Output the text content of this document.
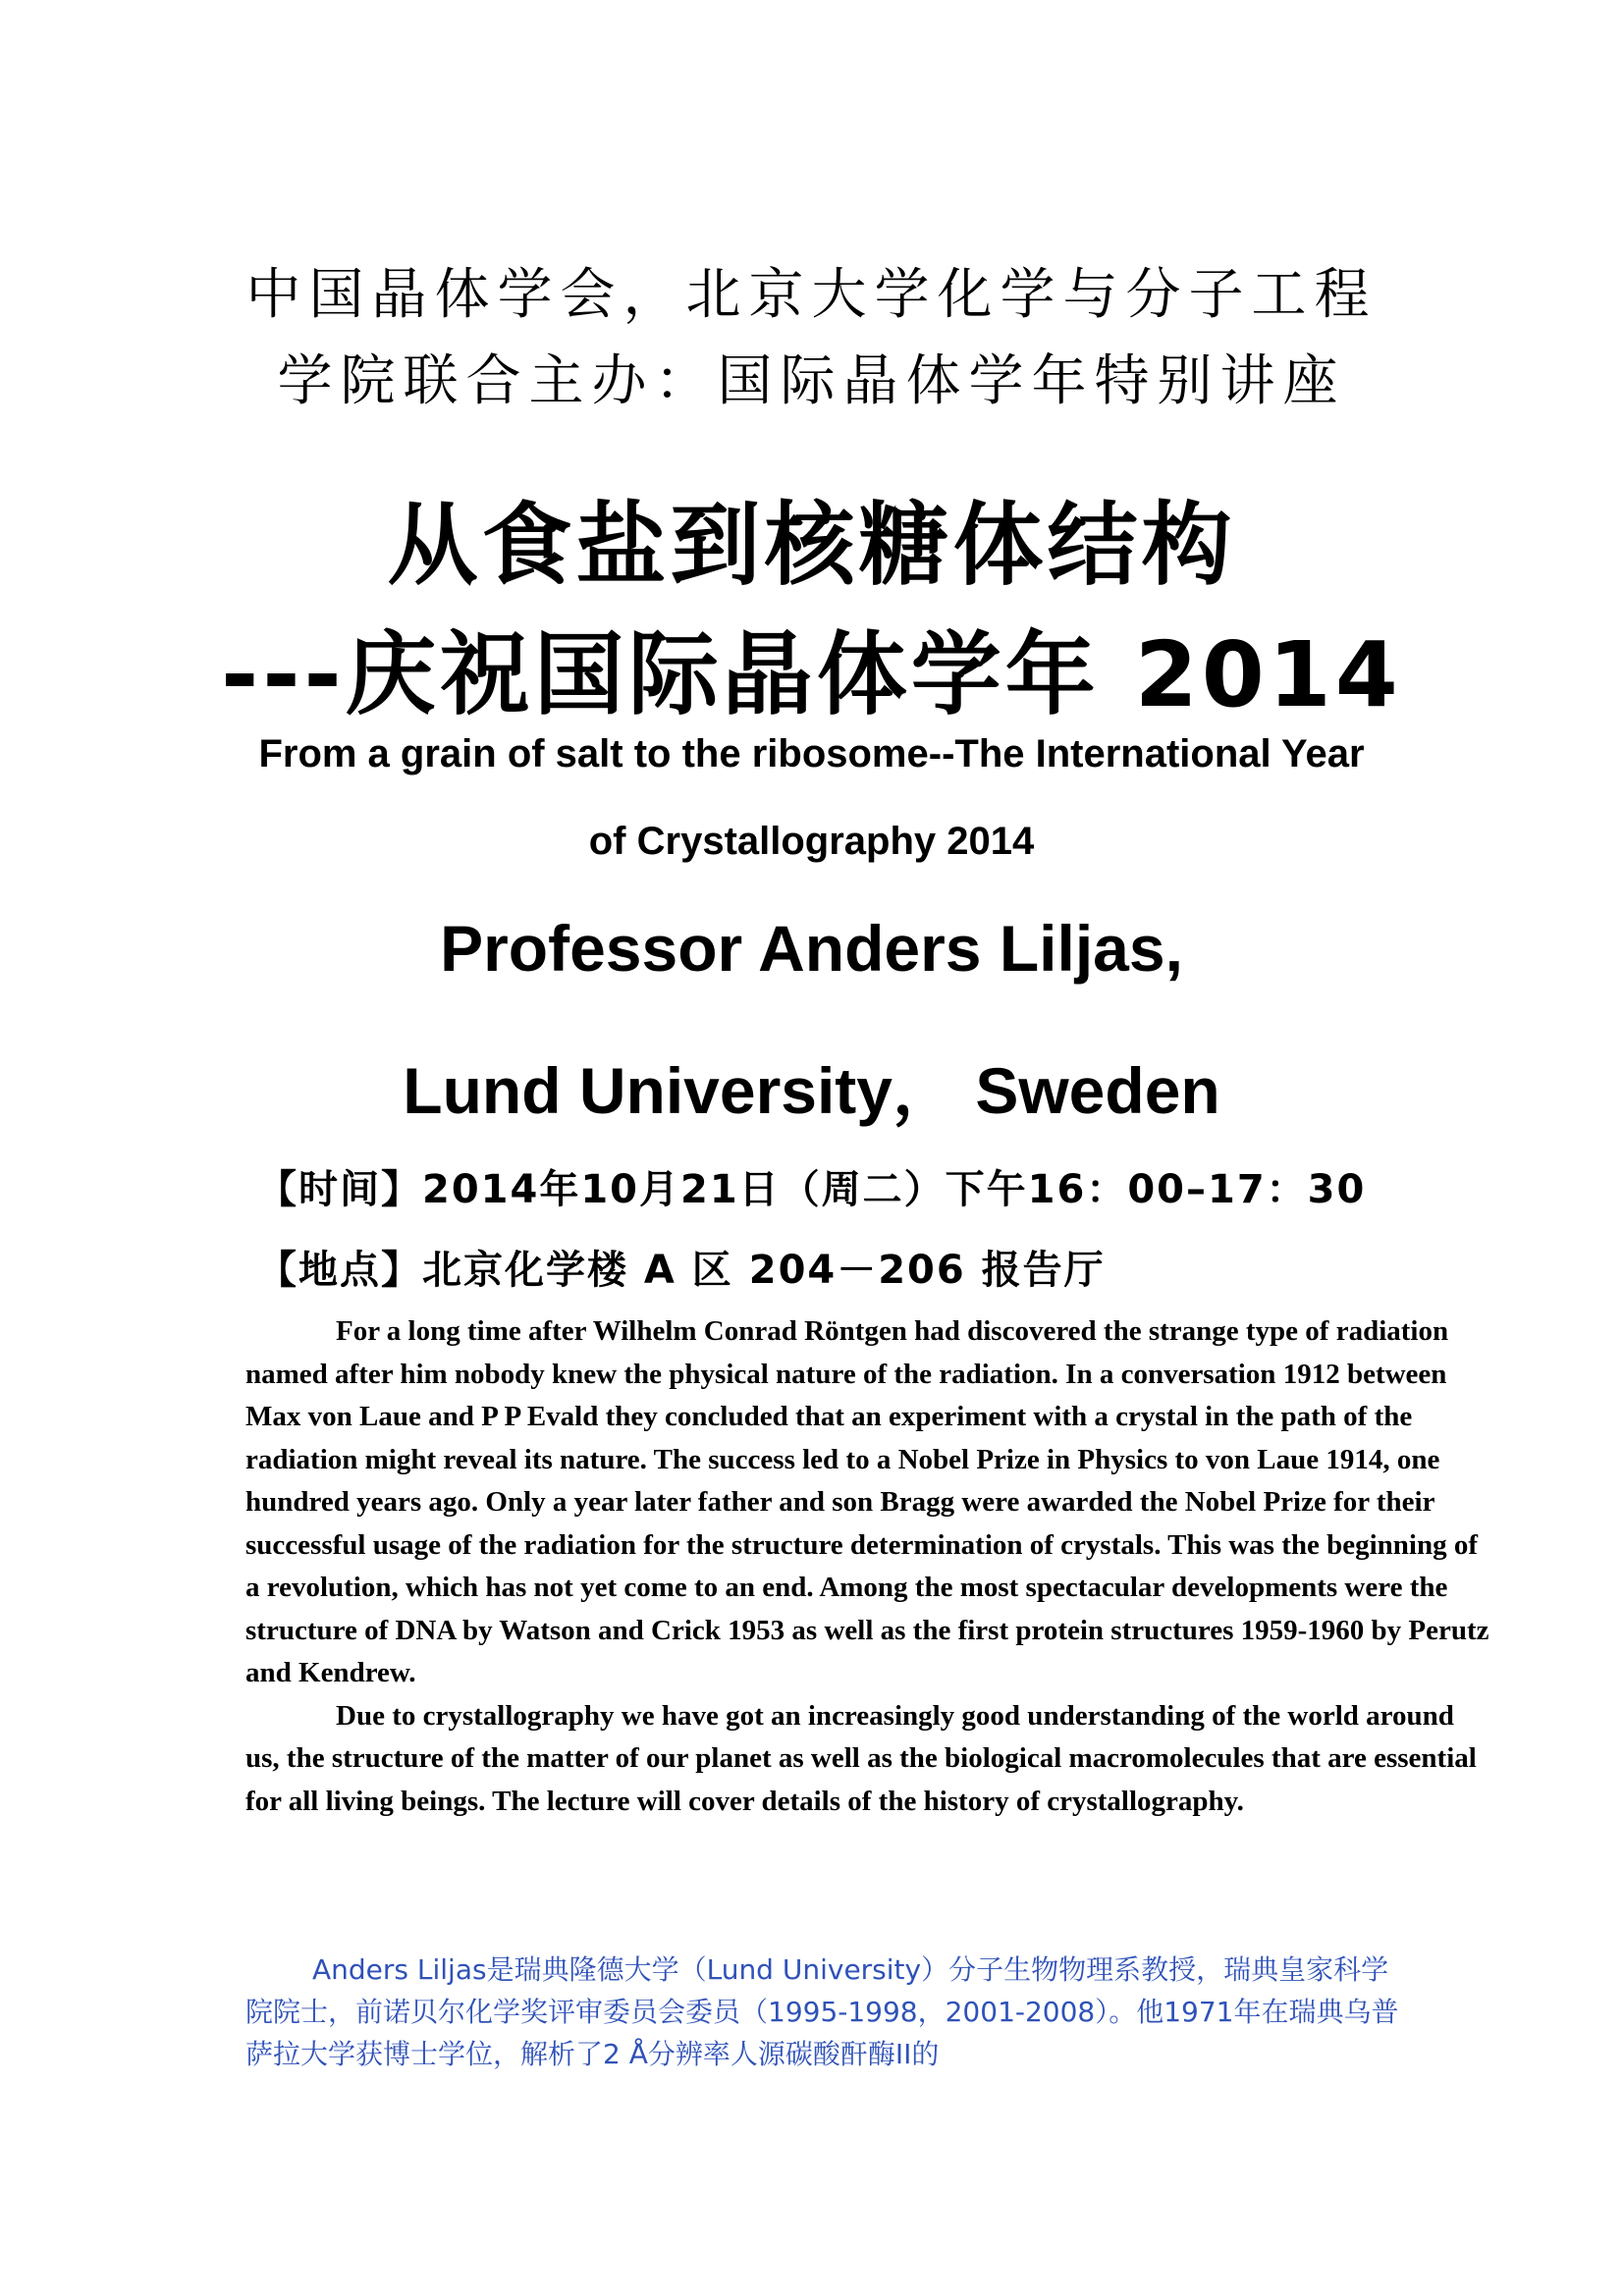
中国晶体学会，北京大学化学与分子工程
学院联合主办：国际晶体学年特别讲座
从食盐到核糖体结构
---庆祝国际晶体学年 2014
From a grain of salt to the ribosome--The International Year
of Crystallography 2014
Professor Anders Liljas,
Lund University， Sweden
【时间】2014年10月21日（周二）下午16：00–17：30
【地点】北京化学楼 A 区 204－206 报告厅

For a long time after Wilhelm Conrad Röntgen had discovered the strange type of radiation named after him nobody knew the physical nature of the radiation. In a conversation 1912 between Max von Laue and P P Evald they concluded that an experiment with a crystal in the path of the radiation might reveal its nature. The success led to a Nobel Prize in Physics to von Laue 1914, one hundred years ago. Only a year later father and son Bragg were awarded the Nobel Prize for their successful usage of the radiation for the structure determination of crystals. This was the beginning of a revolution, which has not yet come to an end. Among the most spectacular developments were the structure of DNA by Watson and Crick 1953 as well as the first protein structures 1959-1960 by Perutz and Kendrew.

Due to crystallography we have got an increasingly good understanding of the world around us, the structure of the matter of our planet as well as the biological macromolecules that are essential for all living beings. The lecture will cover details of the history of crystallography.

Anders Liljas是瑞典隆德大学（Lund University）分子生物物理系教授，瑞典皇家科学院院士，前诺贝尔化学奖评审委员会委员（1995-1998，2001-2008）。他1971年在瑞典乌普萨拉大学获博士学位，解析了2 Å分辨率人源碳酸酐酶II的
